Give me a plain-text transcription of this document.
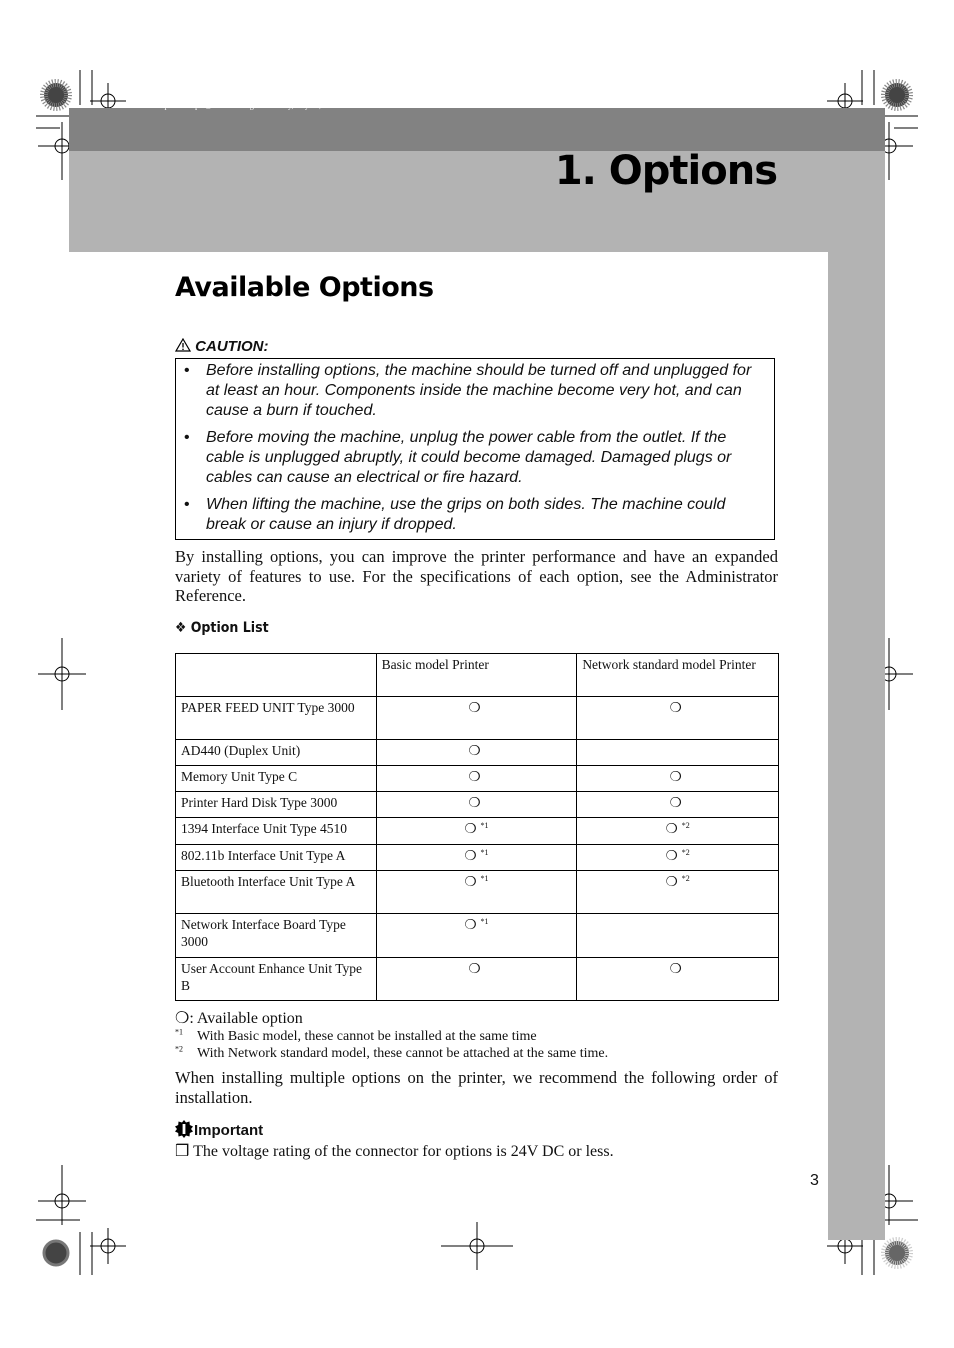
AresPGBOptionSetup-F_FM.book Page 3 Monday, July 29, 2002 1:12 PM
1. Options
Available Options
CAUTION:
• Before installing options, the machine should be turned off and unplugged for at least an hour. Components inside the machine become very hot, and can cause a burn if touched.
• Before moving the machine, unplug the power cable from the outlet. If the cable is unplugged abruptly, it could become damaged. Damaged plugs or cables can cause an electrical or fire hazard.
• When lifting the machine, use the grips on both sides. The machine could break or cause an injury if dropped.
By installing options, you can improve the printer performance and have an expanded variety of features to use. For the specifications of each option, see the Administrator Reference.
❖ Option List
	Basic model Printer	Network standard model Printer
PAPER FEED UNIT Type 3000	❍	❍
AD440 (Duplex Unit)	❍	
Memory Unit Type C	❍	❍
Printer Hard Disk Type 3000	❍	❍
1394 Interface Unit Type 4510	❍ $^{*1}$	❍ $^{*2}$
802.11b Interface Unit Type A	❍ $^{*1}$	❍ $^{*2}$
Bluetooth Interface Unit Type A	❍ $^{*1}$	❍ $^{*2}$
Network Interface Board Type 3000	❍ $^{*1}$	
User Account Enhance Unit Type B	❍	❍
❍: Available option
$^{*1}$ With Basic model, these cannot be installed at the same time
$^{*2}$ With Network standard model, these cannot be attached at the same time.
When installing multiple options on the printer, we recommend the following order of installation.
Important
❒ The voltage rating of the connector for options is 24V DC or less.
3
